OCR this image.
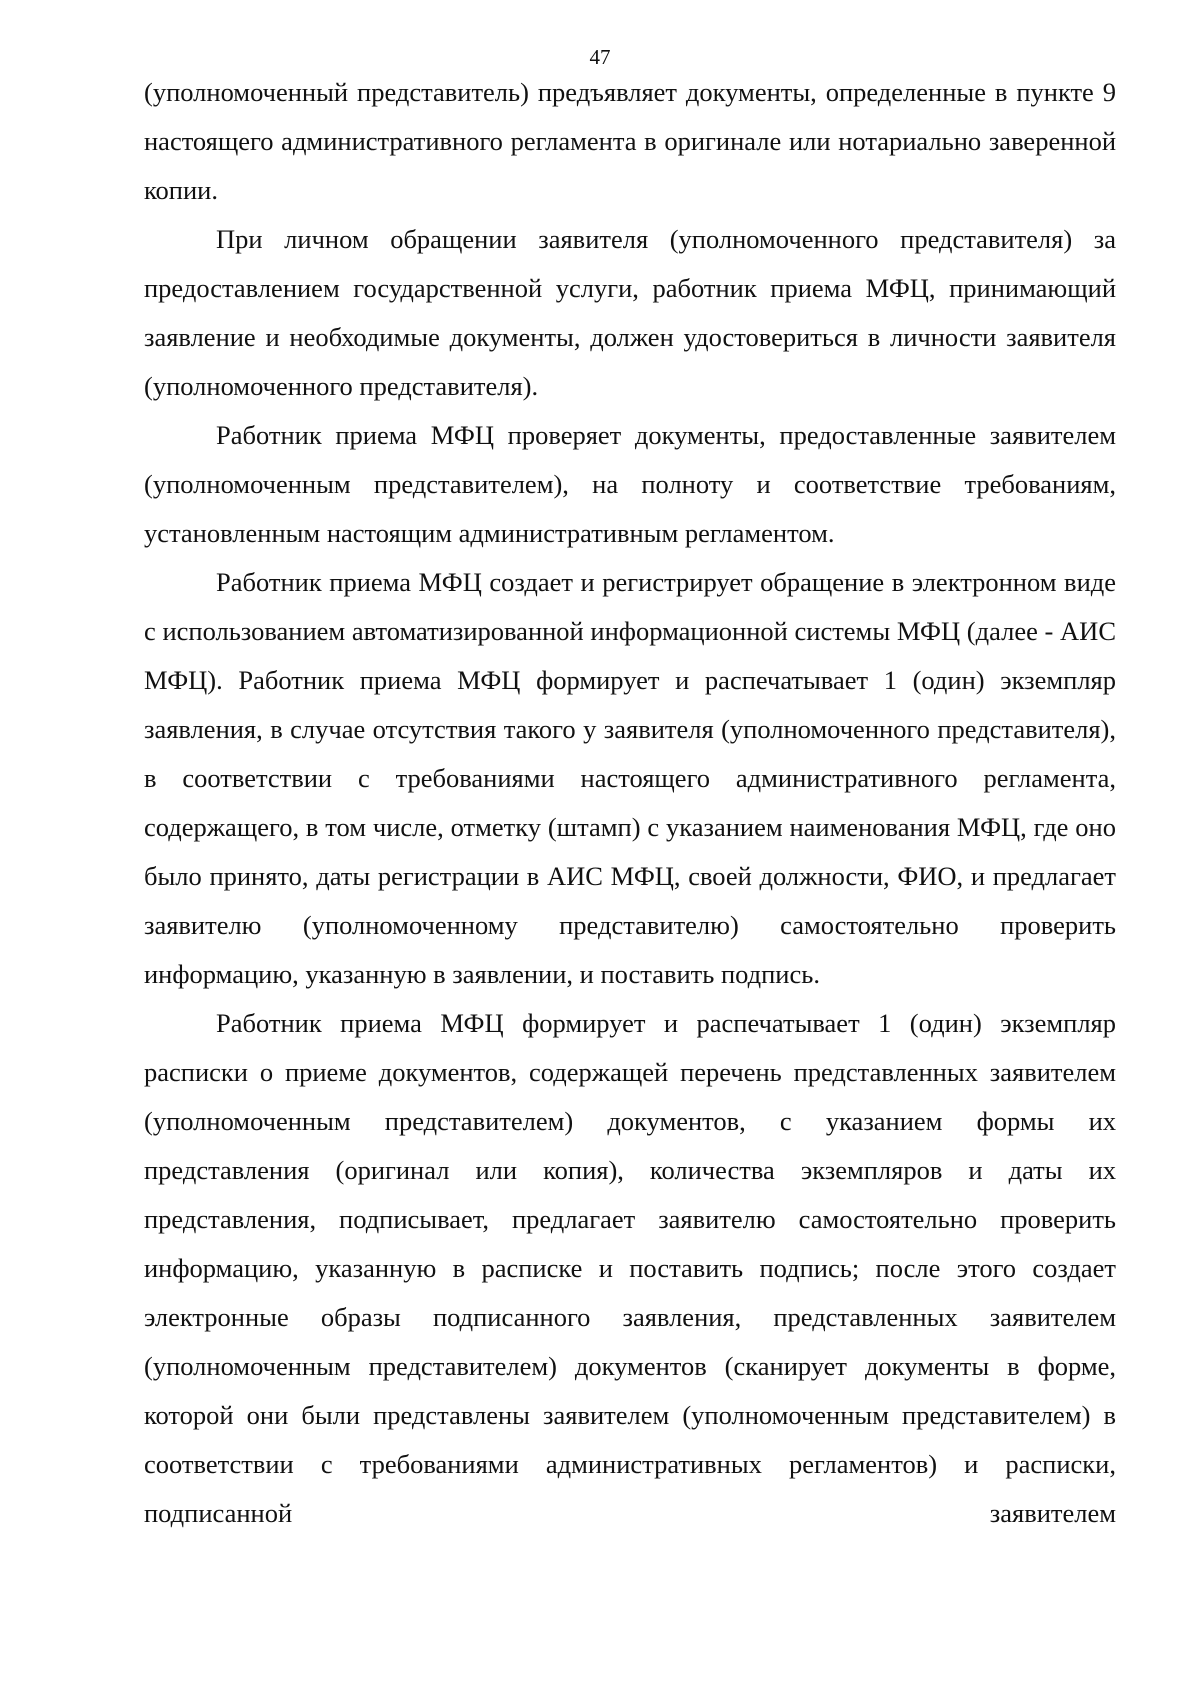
47

(уполномоченный представитель) предъявляет документы, определенные в пункте 9 настоящего административного регламента в оригинале или нотариально заверенной копии.

При личном обращении заявителя (уполномоченного представителя) за предоставлением государственной услуги, работник приема МФЦ, принимающий заявление и необходимые документы, должен удостовериться в личности заявителя (уполномоченного представителя).

Работник приема МФЦ проверяет документы, предоставленные заявителем (уполномоченным представителем), на полноту и соответствие требованиям, установленным настоящим административным регламентом.

Работник приема МФЦ создает и регистрирует обращение в электронном виде с использованием автоматизированной информационной системы МФЦ (далее - АИС МФЦ). Работник приема МФЦ формирует и распечатывает 1 (один) экземпляр заявления, в случае отсутствия такого у заявителя (уполномоченного представителя), в соответствии с требованиями настоящего административного регламента, содержащего, в том числе, отметку (штамп) с указанием наименования МФЦ, где оно было принято, даты регистрации в АИС МФЦ, своей должности, ФИО, и предлагает заявителю (уполномоченному представителю) самостоятельно проверить информацию, указанную в заявлении, и поставить подпись.

Работник приема МФЦ формирует и распечатывает 1 (один) экземпляр расписки о приеме документов, содержащей перечень представленных заявителем (уполномоченным представителем) документов, с указанием формы их представления (оригинал или копия), количества экземпляров и даты их представления, подписывает, предлагает заявителю самостоятельно проверить информацию, указанную в расписке и поставить подпись; после этого создает электронные образы подписанного заявления, представленных заявителем (уполномоченным представителем) документов (сканирует документы в форме, которой они были представлены заявителем (уполномоченным представителем) в соответствии с требованиями административных регламентов) и расписки, подписанной заявителем
